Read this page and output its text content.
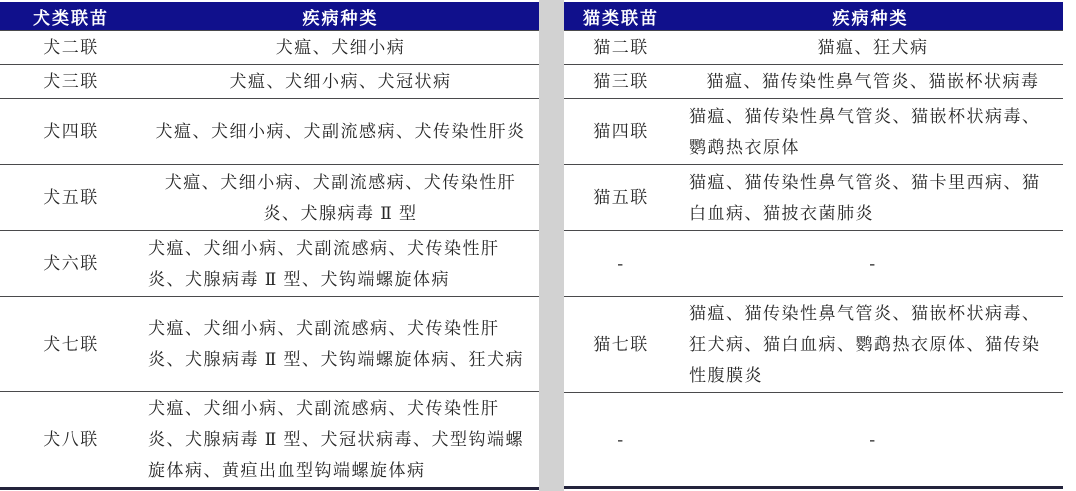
犬类联苗	疾病种类
犬二联	犬瘟、犬细小病
犬三联	犬瘟、犬细小病、犬冠状病
犬四联	犬瘟、犬细小病、犬副流感病、犬传染性肝炎
犬五联	犬瘟、犬细小病、犬副流感病、犬传染性肝炎、犬腺病毒 Ⅱ 型
犬六联	犬瘟、犬细小病、犬副流感病、犬传染性肝炎、犬腺病毒 Ⅱ 型、犬钩端螺旋体病
犬七联	犬瘟、犬细小病、犬副流感病、犬传染性肝炎、犬腺病毒 Ⅱ 型、犬钩端螺旋体病、狂犬病
犬八联	犬瘟、犬细小病、犬副流感病、犬传染性肝炎、犬腺病毒 Ⅱ 型、犬冠状病毒、犬型钩端螺旋体病、黄疸出血型钩端螺旋体病
猫类联苗	疾病种类
猫二联	猫瘟、狂犬病
猫三联	猫瘟、猫传染性鼻气管炎、猫嵌杯状病毒
猫四联	猫瘟、猫传染性鼻气管炎、猫嵌杯状病毒、鹦鹉热衣原体
猫五联	猫瘟、猫传染性鼻气管炎、猫卡里西病、猫白血病、猫披衣菌肺炎
-	-
猫七联	猫瘟、猫传染性鼻气管炎、猫嵌杯状病毒、狂犬病、猫白血病、鹦鹉热衣原体、猫传染性腹膜炎
-	-
